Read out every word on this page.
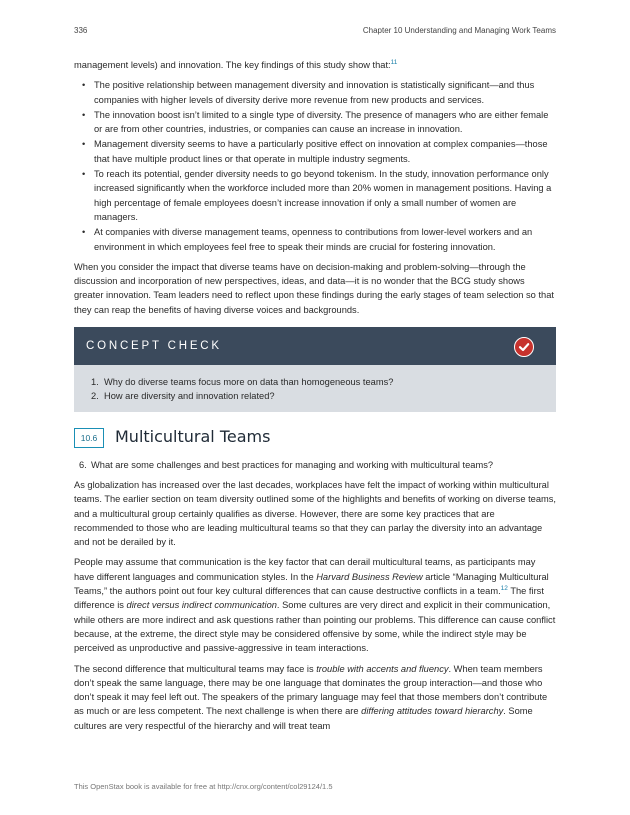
336	Chapter 10 Understanding and Managing Work Teams

management levels) and innovation. The key findings of this study show that:$^{11}$

• The positive relationship between management diversity and innovation is statistically significant—and thus companies with higher levels of diversity derive more revenue from new products and services.
• The innovation boost isn’t limited to a single type of diversity. The presence of managers who are either female or are from other countries, industries, or companies can cause an increase in innovation.
• Management diversity seems to have a particularly positive effect on innovation at complex companies—those that have multiple product lines or that operate in multiple industry segments.
• To reach its potential, gender diversity needs to go beyond tokenism. In the study, innovation performance only increased significantly when the workforce included more than 20% women in management positions. Having a high percentage of female employees doesn’t increase innovation if only a small number of women are managers.
• At companies with diverse management teams, openness to contributions from lower-level workers and an environment in which employees feel free to speak their minds are crucial for fostering innovation.

When you consider the impact that diverse teams have on decision-making and problem-solving—through the discussion and incorporation of new perspectives, ideas, and data—it is no wonder that the BCG study shows greater innovation. Team leaders need to reflect upon these findings during the early stages of team selection so that they can reap the benefits of having diverse voices and backgrounds.

CONCEPT CHECK
1. Why do diverse teams focus more on data than homogeneous teams?
2. How are diversity and innovation related?
10.6	Multicultural Teams
6. What are some challenges and best practices for managing and working with multicultural teams?

As globalization has increased over the last decades, workplaces have felt the impact of working within multicultural teams. The earlier section on team diversity outlined some of the highlights and benefits of working on diverse teams, and a multicultural group certainly qualifies as diverse. However, there are some key practices that are recommended to those who are leading multicultural teams so that they can parlay the diversity into an advantage and not be derailed by it.

People may assume that communication is the key factor that can derail multicultural teams, as participants may have different languages and communication styles. In the Harvard Business Review article “Managing Multicultural Teams,” the authors point out four key cultural differences that can cause destructive conflicts in a team.$^{12}$ The first difference is direct versus indirect communication. Some cultures are very direct and explicit in their communication, while others are more indirect and ask questions rather than pointing our problems. This difference can cause conflict because, at the extreme, the direct style may be considered offensive by some, while the indirect style may be perceived as unproductive and passive-aggressive in team interactions.

The second difference that multicultural teams may face is trouble with accents and fluency. When team members don’t speak the same language, there may be one language that dominates the group interaction—and those who don’t speak it may feel left out. The speakers of the primary language may feel that those members don’t contribute as much or are less competent. The next challenge is when there are differing attitudes toward hierarchy. Some cultures are very respectful of the hierarchy and will treat team

This OpenStax book is available for free at http://cnx.org/content/col29124/1.5
